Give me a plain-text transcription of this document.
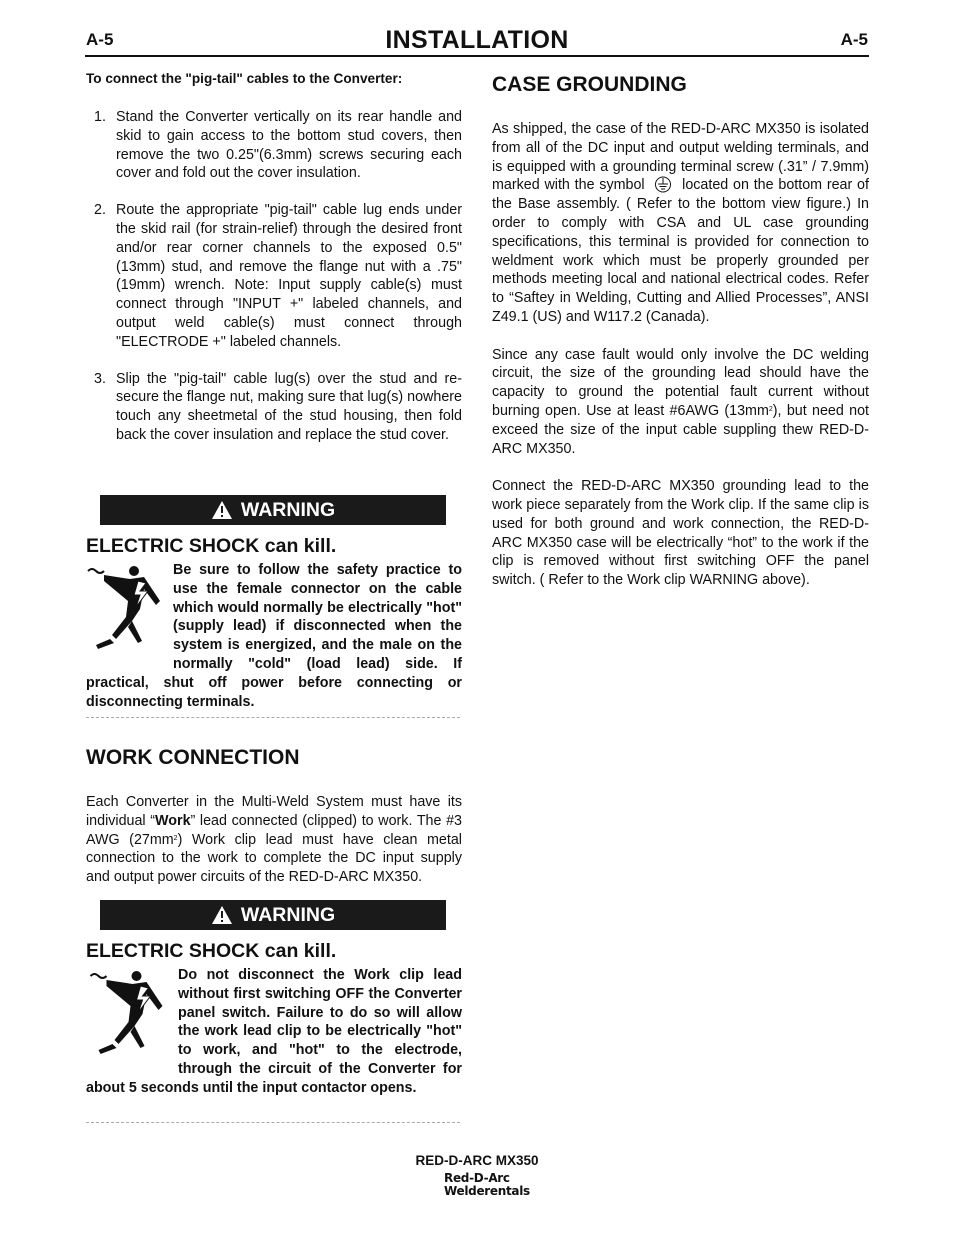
A-5	INSTALLATION	A-5
To connect the "pig-tail" cables to the Converter:
1. Stand the Converter vertically on its rear handle and skid to gain access to the bottom stud covers, then remove the two 0.25"(6.3mm) screws securing each cover and fold out the cover insulation.
2. Route the appropriate "pig-tail" cable lug ends under the skid rail (for strain-relief) through the desired front and/or rear corner channels to the exposed 0.5"(13mm) stud, and remove the flange nut with a .75"(19mm) wrench. Note: Input supply cable(s) must connect through "INPUT +" labeled channels, and output weld cable(s) must connect through "ELECTRODE +" labeled channels.
3. Slip the "pig-tail" cable lug(s) over the stud and re-secure the flange nut, making sure that lug(s) nowhere touch any sheetmetal of the stud housing, then fold back the cover insulation and replace the stud cover.
WARNING
ELECTRIC SHOCK can kill.
Be sure to follow the safety practice to use the female connector on the cable which would normally be electrically "hot" (supply lead) if disconnected when the system is energized, and the male on the normally "cold" (load lead) side. If practical, shut off power before connecting or disconnecting terminals.
WORK CONNECTION
Each Converter in the Multi-Weld System must have its individual “Work” lead connected (clipped) to work. The #3 AWG $(27mm^2)$ Work clip lead must have clean metal connection to the work to complete the DC input supply and output power circuits of the RED-D-ARC MX350.
WARNING
ELECTRIC SHOCK can kill.
Do not disconnect the Work clip lead without first switching OFF the Converter panel switch. Failure to do so will allow the work lead clip to be electrically "hot" to work, and "hot" to the electrode, through the circuit of the Converter for about 5 seconds until the input contactor opens.
CASE GROUNDING

As shipped, the case of the RED-D-ARC MX350 is isolated from all of the DC input and output welding terminals, and is equipped with a grounding terminal screw (.31” / 7.9mm) marked with the symbol	located on the bottom rear of the Base assembly. ( Refer to the bottom view figure.) In order to comply with CSA and UL case grounding specifications, this terminal is provided for connection to weldment work which must be properly grounded per methods meeting local and national electrical codes. Refer to “Saftey in Welding, Cutting and Allied Processes”, ANSI Z49.1 (US) and W117.2 (Canada).

Since any case fault would only involve the DC welding circuit, the size of the grounding lead should have the capacity to ground the potential fault current without burning open. Use at least #6AWG $(13mm^2)$, but need not exceed the size of the input cable suppling thew RED-D-ARC MX350.

Connect the RED-D-ARC MX350 grounding lead to the work piece separately from the Work clip. If the same clip is used for both ground and work connection, the RED-D-ARC MX350 case will be electrically “hot” to the work if the clip is removed without first switching OFF the panel switch. ( Refer to the Work clip WARNING above).

RED-D-ARC MX350
Red-D-Arc
Welderentals
